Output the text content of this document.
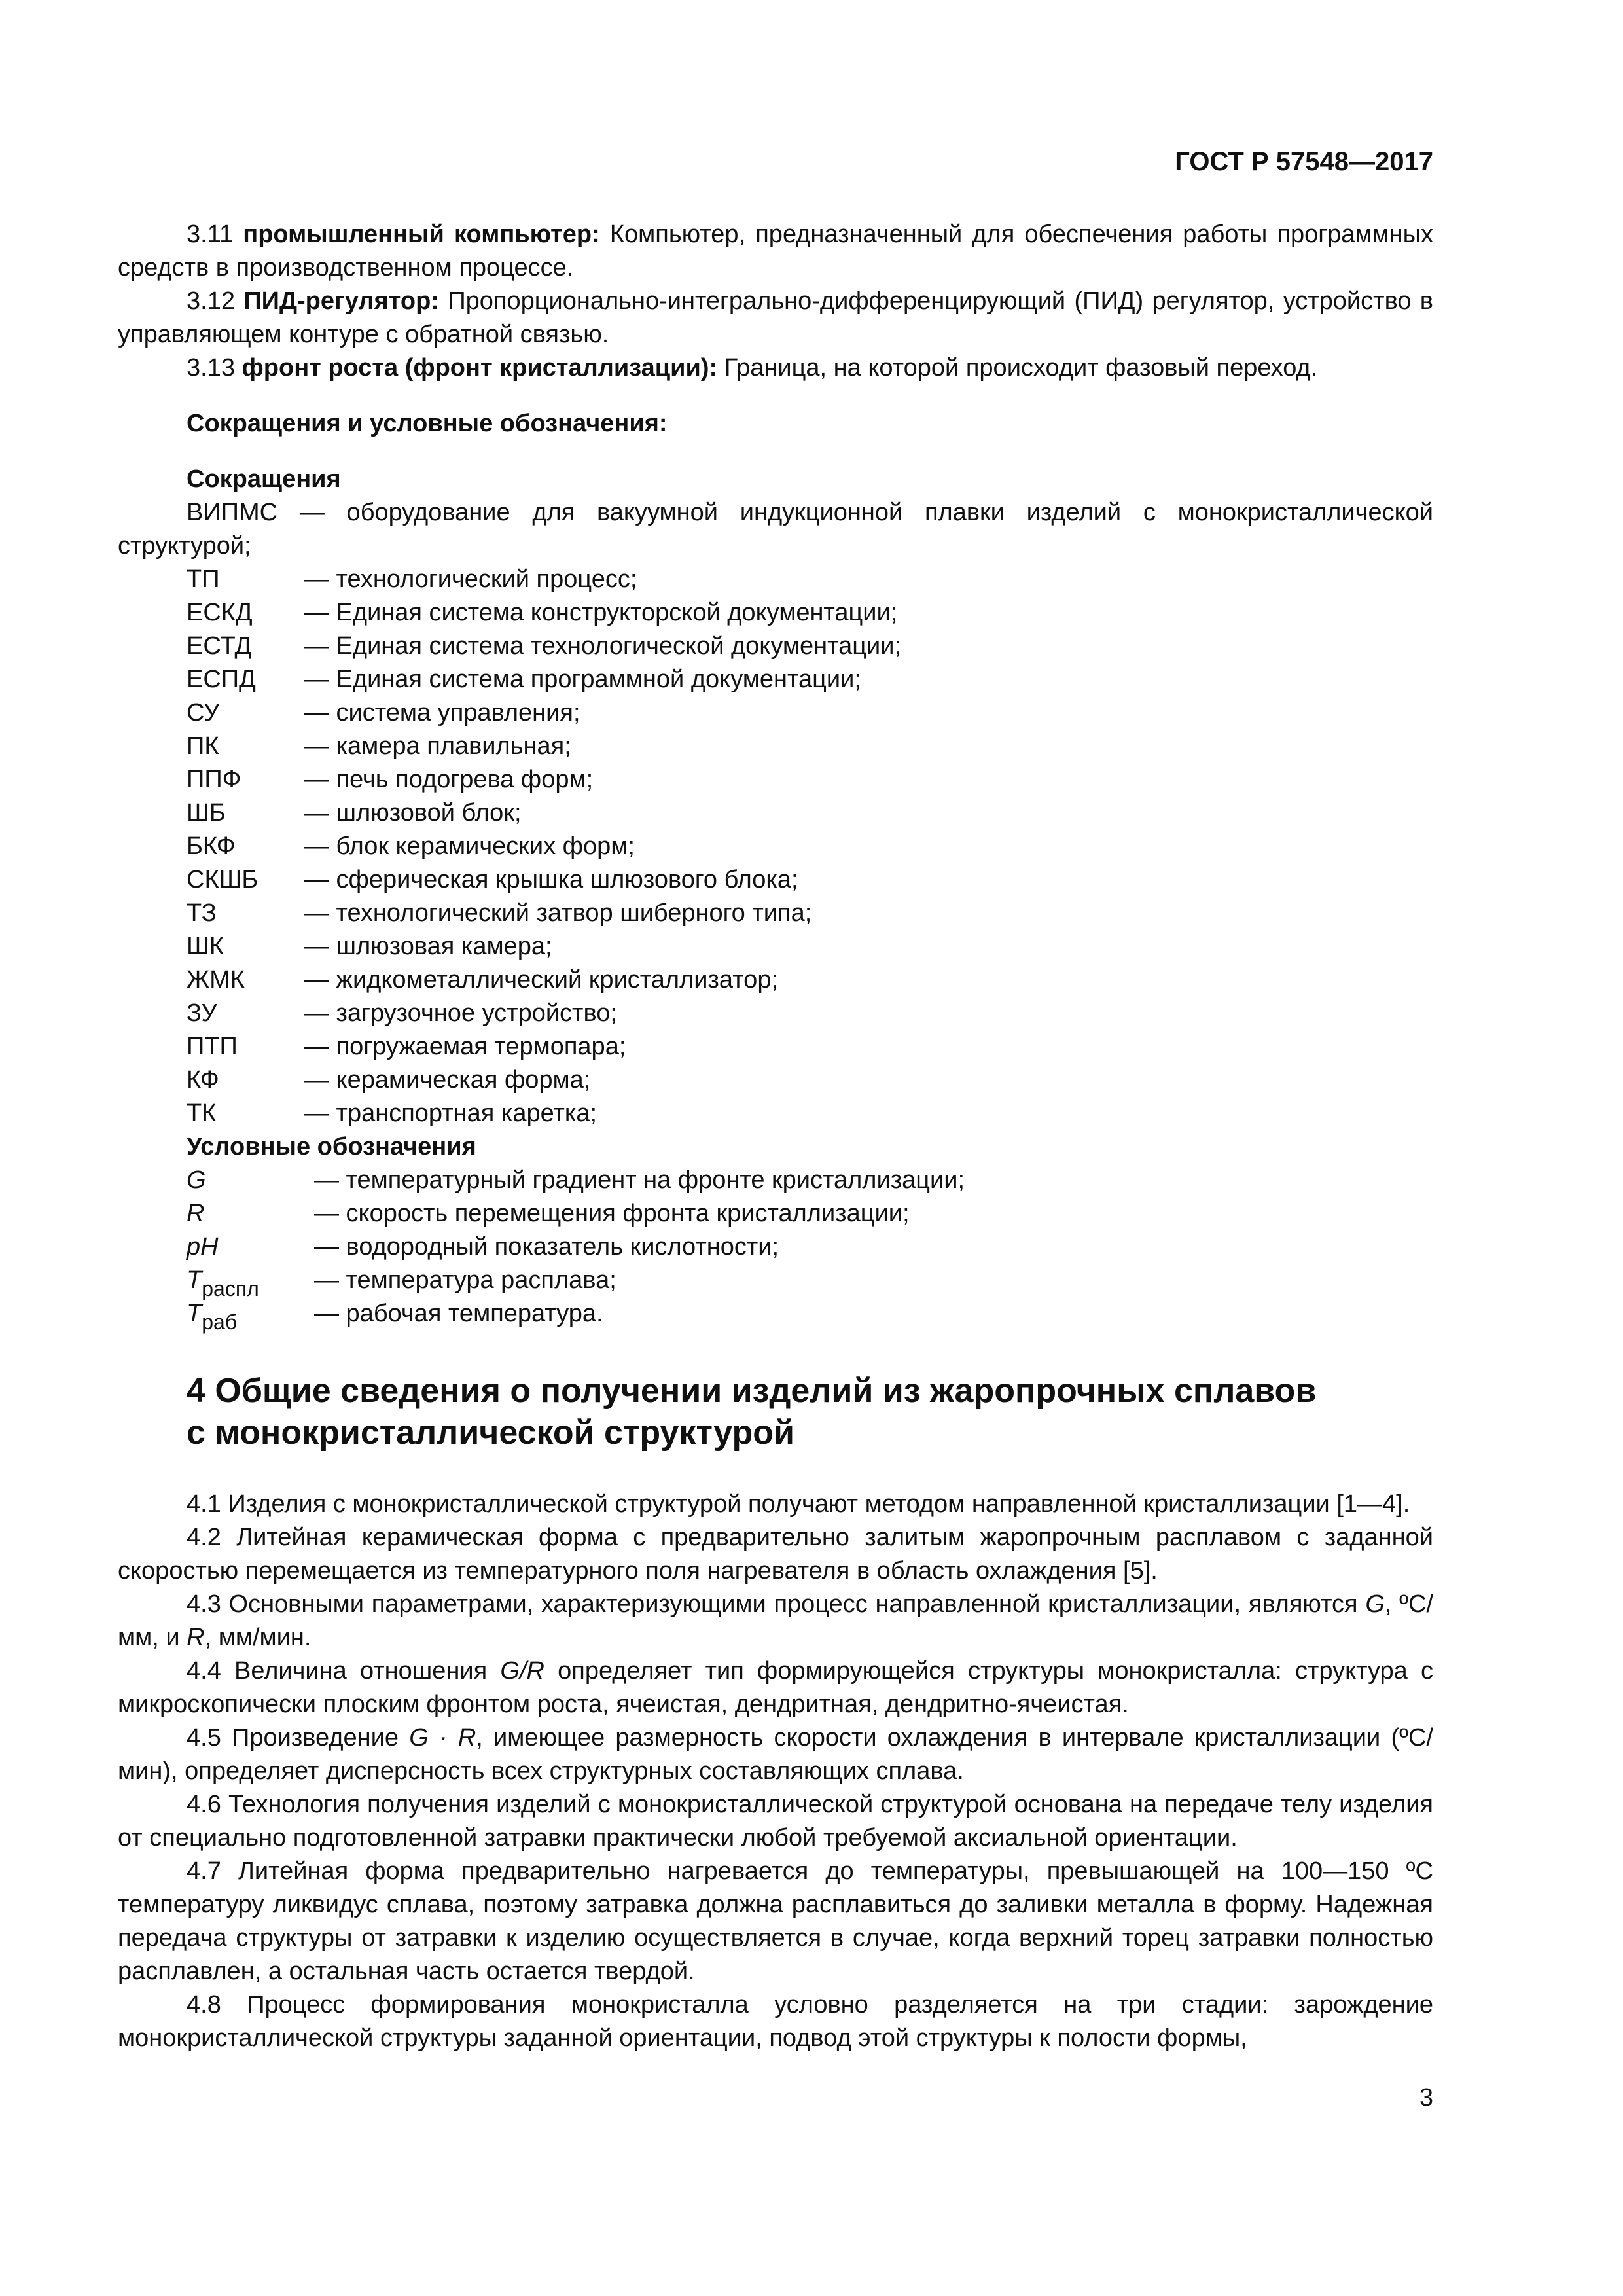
ГОСТ Р 57548—2017

3.11 промышленный компьютер: Компьютер, предназначенный для обеспечения работы программных средств в производственном процессе.

3.12 ПИД-регулятор: Пропорционально-интегрально-дифференцирующий (ПИД) регулятор, устройство в управляющем контуре с обратной связью.

3.13 фронт роста (фронт кристаллизации): Граница, на которой происходит фазовый переход.

Сокращения и условные обозначения:

Сокращения

ВИПМС — оборудование для вакуумной индукционной плавки изделий с монокристаллической структурой;

ТП	— технологический процесс;
ЕСКД	— Единая система конструкторской документации;
ЕСТД	— Единая система технологической документации;
ЕСПД	— Единая система программной документации;
СУ	— система управления;
ПК	— камера плавильная;
ППФ	— печь подогрева форм;
ШБ	— шлюзовой блок;
БКФ	— блок керамических форм;
СКШБ	— сферическая крышка шлюзового блока;
ТЗ	— технологический затвор шиберного типа;
ШК	— шлюзовая камера;
ЖМК	— жидкометаллический кристаллизатор;
ЗУ	— загрузочное устройство;
ПТП	— погружаемая термопара;
КФ	— керамическая форма;
ТК	— транспортная каретка;

Условные обозначения

G	— температурный градиент на фронте кристаллизации;
R	— скорость перемещения фронта кристаллизации;
pH	— водородный показатель кислотности;
$T_{распл}$	— температура расплава;
$T_{раб}$	— рабочая температура.
4 Общие сведения о получении изделий из жаропрочных сплавов
с монокристаллической структурой

4.1 Изделия с монокристаллической структурой получают методом направленной кристаллизации [1—4].

4.2 Литейная керамическая форма с предварительно залитым жаропрочным расплавом с заданной скоростью перемещается из температурного поля нагревателя в область охлаждения [5].

4.3 Основными параметрами, характеризующими процесс направленной кристаллизации, являются G, ºС/мм, и R, мм/мин.

4.4 Величина отношения G/R определяет тип формирующейся структуры монокристалла: структура с микроскопически плоским фронтом роста, ячеистая, дендритная, дендритно-ячеистая.

4.5 Произведение G · R, имеющее размерность скорости охлаждения в интервале кристаллизации (ºС/мин), определяет дисперсность всех структурных составляющих сплава.

4.6 Технология получения изделий с монокристаллической структурой основана на передаче телу изделия от специально подготовленной затравки практически любой требуемой аксиальной ориентации.

4.7 Литейная форма предварительно нагревается до температуры, превышающей на 100—150 ºС температуру ликвидус сплава, поэтому затравка должна расплавиться до заливки металла в форму. Надежная передача структуры от затравки к изделию осуществляется в случае, когда верхний торец затравки полностью расплавлен, а остальная часть остается твердой.

4.8 Процесс формирования монокристалла условно разделяется на три стадии: зарождение монокристаллической структуры заданной ориентации, подвод этой структуры к полости формы,

3
